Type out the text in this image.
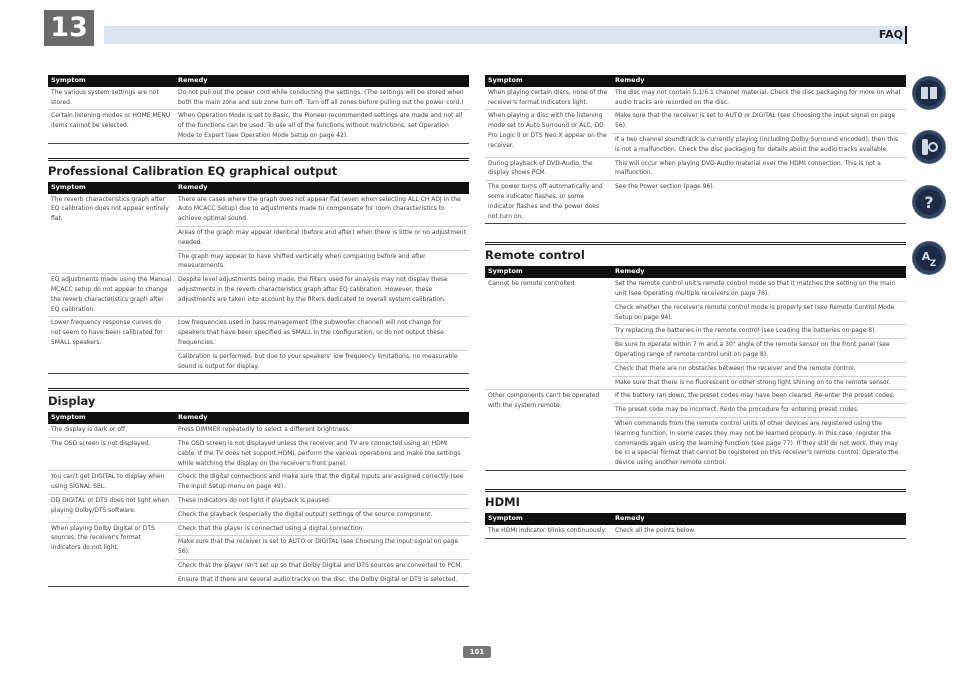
13	FAQ
Symptom	Remedy
The various system settings are not stored.	Do not pull out the power cord while conducting the settings. (The settings will be stored when both the main zone and sub zone turn off. Turn off all zones before pulling out the power cord.)
Certain listening modes or HOME MENU items cannot be selected.	When Operation Mode is set to Basic, the Pioneer-recommended settings are made and not all of the functions can be used. To use all of the functions without restrictions, set Operation Mode to Expert (see Operation Mode Setup on page 42).
Professional Calibration EQ graphical output
Symptom	Remedy
The reverb characteristics graph after EQ calibration does not appear entirely flat.	There are cases where the graph does not appear flat (even when selecting ALL CH ADJ in the Auto MCACC Setup) due to adjustments made to compensate for room characteristics to achieve optimal sound.
	Areas of the graph may appear identical (before and after) when there is little or no adjustment needed.
	The graph may appear to have shifted vertically when comparing before and after measurements.
EQ adjustments made using the Manual MCACC setup do not appear to change the reverb characteristics graph after EQ calibration.	Despite level adjustments being made, the filters used for analysis may not display these adjustments in the reverb characteristics graph after EQ calibration. However, these adjustments are taken into account by the filters dedicated to overall system calibration.
Lower frequency response curves do not seem to have been calibrated for SMALL speakers.	Low frequencies used in bass management (the subwoofer channel) will not change for speakers that have been specified as SMALL in the configuration, or do not output these frequencies.
	Calibration is performed, but due to your speakers' low frequency limitations, no measurable sound is output for display.
Display
Symptom	Remedy
The display is dark or off.	Press DIMMER repeatedly to select a different brightness.
The OSD screen is not displayed.	The OSD screen is not displayed unless the receiver and TV are connected using an HDMI cable. If the TV does not support HDMI, perform the various operations and make the settings while watching the display on the receiver's front panel.
You can't get DIGITAL to display when using SIGNAL SEL.	Check the digital connections and make sure that the digital inputs are assigned correctly (see The Input Setup menu on page 49).
DD DIGITAL or DTS does not light when playing Dolby/DTS software.	These indicators do not light if playback is paused.
	Check the playback (especially the digital output) settings of the source component.
When playing Dolby Digital or DTS sources, the receiver's format indicators do not light.	Check that the player is connected using a digital connection.
	Make sure that the receiver is set to AUTO or DIGITAL (see Choosing the input signal on page 56).
	Check that the player isn't set up so that Dolby Digital and DTS sources are converted to PCM.
	Ensure that if there are several audio tracks on the disc, the Dolby Digital or DTS is selected.
Symptom	Remedy
When playing certain discs, none of the receiver's format indicators light.	The disc may not contain 5.1/6.1 channel material. Check the disc packaging for more on what audio tracks are recorded on the disc.
When playing a disc with the listening mode set to Auto Surround or ALC, DD Pro Logic II or DTS Neo:X appear on the receiver.	Make sure that the receiver is set to AUTO or DIGITAL (see Choosing the input signal on page 56).
	If a two channel soundtrack is currently playing (including Dolby Surround encoded), then this is not a malfunction. Check the disc packaging for details about the audio tracks available.
During playback of DVD-Audio, the display shows PCM.	This will occur when playing DVD-Audio material over the HDMI connection. This is not a malfunction.
The power turns off automatically and some indicator flashes, or some indicator flashes and the power does not turn on.	See the Power section (page 96).
Remote control
Symptom	Remedy
Cannot be remote controlled.	Set the remote control unit's remote control mode so that it matches the setting on the main unit (see Operating multiple receivers on page 76).
	Check whether the receiver's remote control mode is properly set (see Remote Control Mode Setup on page 94).
	Try replacing the batteries in the remote control (see Loading the batteries on page 8).
	Be sure to operate within 7 m and a 30° angle of the remote sensor on the front panel (see Operating range of remote control unit on page 8).
	Check that there are no obstacles between the receiver and the remote control.
	Make sure that there is no fluorescent or other strong light shining on to the remote sensor.
Other components can't be operated with the system remote.	If the battery ran down, the preset codes may have been cleared. Re-enter the preset codes.
	The preset code may be incorrect. Redo the procedure for entering preset codes.
	When commands from the remote control units of other devices are registered using the learning function, in some cases they may not be learned properly. In this case, register the commands again using the learning function (see page 77). If they still do not work, they may be in a special format that cannot be registered on this receiver's remote control. Operate the device using another remote control.
HDMI
Symptom	Remedy
The HDMI indicator blinks continuously.	Check all the points below.
101
?
A
Z
